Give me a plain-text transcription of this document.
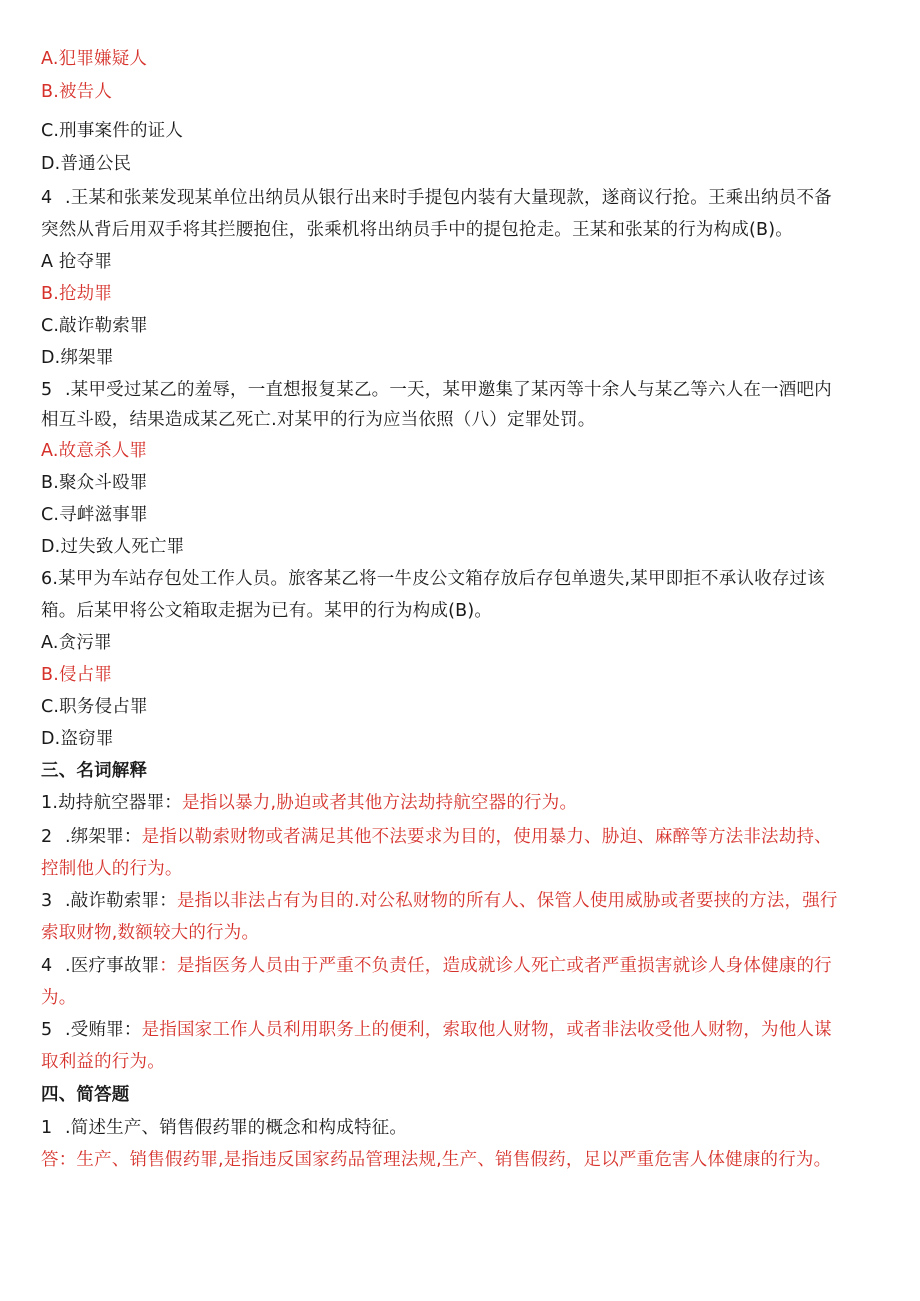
A.犯罪嫌疑人
B.被告人
C.刑事案件的证人
D.普通公民
4 .王某和张莱发现某单位出纳员从银行出来时手提包内装有大量现款，遂商议行抢。王乘出纳员不备
突然从背后用双手将其拦腰抱住，张乘机将出纳员手中的提包抢走。王某和张某的行为构成(B)。
A 抢夺罪
B.抢劫罪
C.敲诈勒索罪
D.绑架罪
5 .某甲受过某乙的羞辱，一直想报复某乙。一天，某甲邀集了某丙等十余人与某乙等六人在一酒吧内
相互斗殴，结果造成某乙死亡.对某甲的行为应当依照（八）定罪处罚。
A.故意杀人罪
B.聚众斗殴罪
C.寻衅滋事罪
D.过失致人死亡罪
6.某甲为车站存包处工作人员。旅客某乙将一牛皮公文箱存放后存包单遗失,某甲即拒不承认收存过该
箱。后某甲将公文箱取走据为已有。某甲的行为构成(B)。
A.贪污罪
B.侵占罪
C.职务侵占罪
D.盗窃罪
三、名词解释
1.劫持航空器罪：是指以暴力,胁迫或者其他方法劫持航空器的行为。
2 .绑架罪：是指以勒索财物或者满足其他不法要求为目的，使用暴力、胁迫、麻醉等方法非法劫持、
控制他人的行为。
3 .敲诈勒索罪：是指以非法占有为目的.对公私财物的所有人、保管人使用威胁或者要挟的方法，强行
索取财物,数额较大的行为。
4 .医疗事故罪：是指医务人员由于严重不负责任，造成就诊人死亡或者严重损害就诊人身体健康的行
为。
5 .受贿罪：是指国家工作人员利用职务上的便利，索取他人财物，或者非法收受他人财物，为他人谋
取利益的行为。
四、简答题
1 .简述生产、销售假药罪的概念和构成特征。
答：生产、销售假药罪,是指违反国家药品管理法规,生产、销售假药，足以严重危害人体健康的行为。
